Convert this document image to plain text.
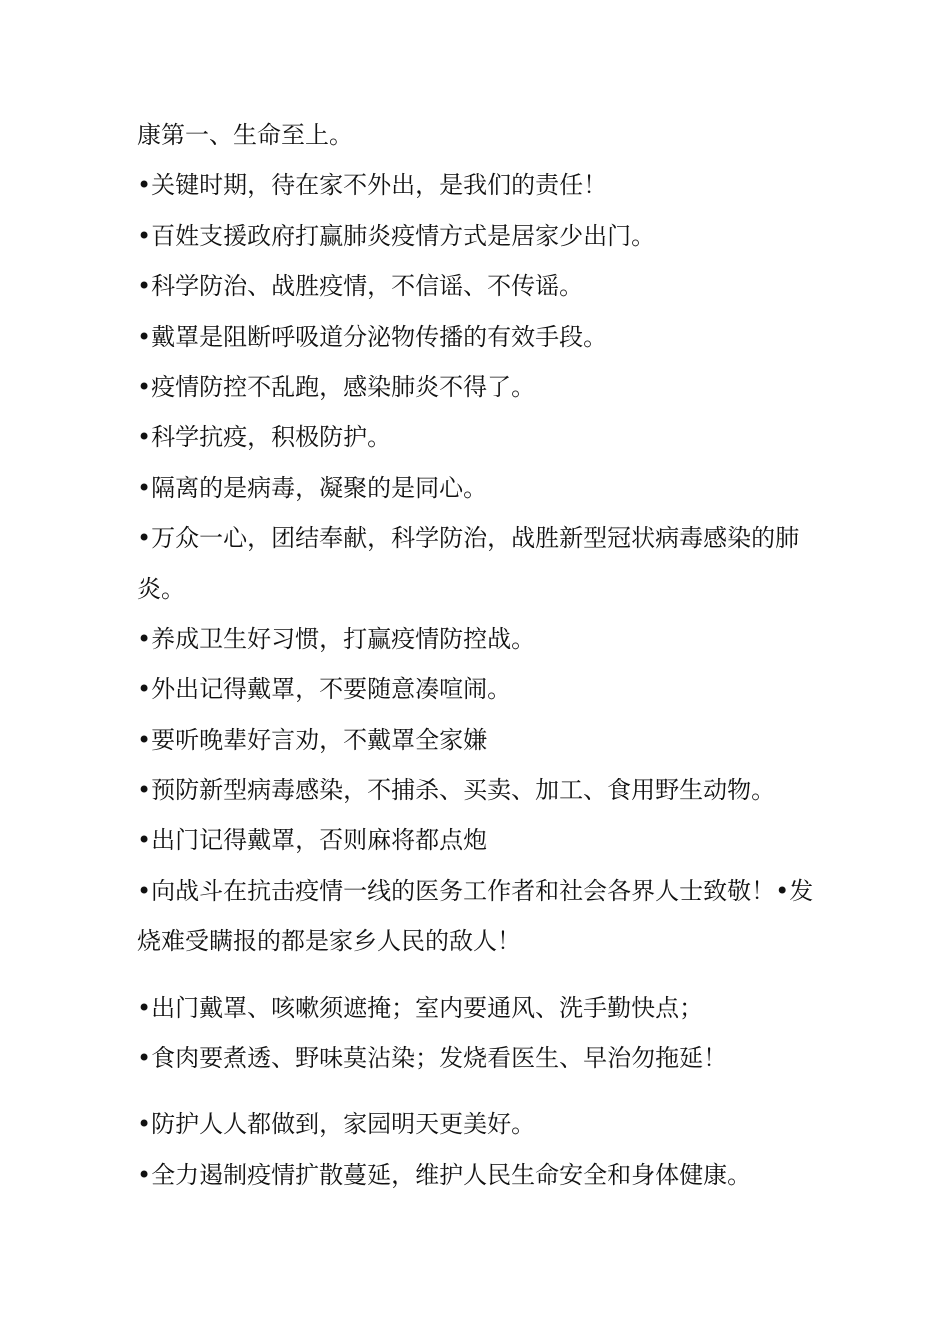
康第一、生命至上。
•关键时期，待在家不外出，是我们的责任！
•百姓支援政府打赢肺炎疫情方式是居家少出门。
•科学防治、战胜疫情，不信谣、不传谣。
•戴罩是阻断呼吸道分泌物传播的有效手段。
•疫情防控不乱跑，感染肺炎不得了。
•科学抗疫，积极防护。
•隔离的是病毒，凝聚的是同心。
•万众一心，团结奉献，科学防治，战胜新型冠状病毒感染的肺
炎。
•养成卫生好习惯，打赢疫情防控战。
•外出记得戴罩，不要随意凑喧闹。
•要听晚辈好言劝，不戴罩全家嫌
•预防新型病毒感染，不捕杀、买卖、加工、食用野生动物。
•出门记得戴罩，否则麻将都点炮
•向战斗在抗击疫情一线的医务工作者和社会各界人士致敬！•发
烧难受瞒报的都是家乡人民的敌人！
•出门戴罩、咳嗽须遮掩；室内要通风、洗手勤快点；
•食肉要煮透、野味莫沾染；发烧看医生、早治勿拖延！
•防护人人都做到，家园明天更美好。
•全力遏制疫情扩散蔓延，维护人民生命安全和身体健康。
